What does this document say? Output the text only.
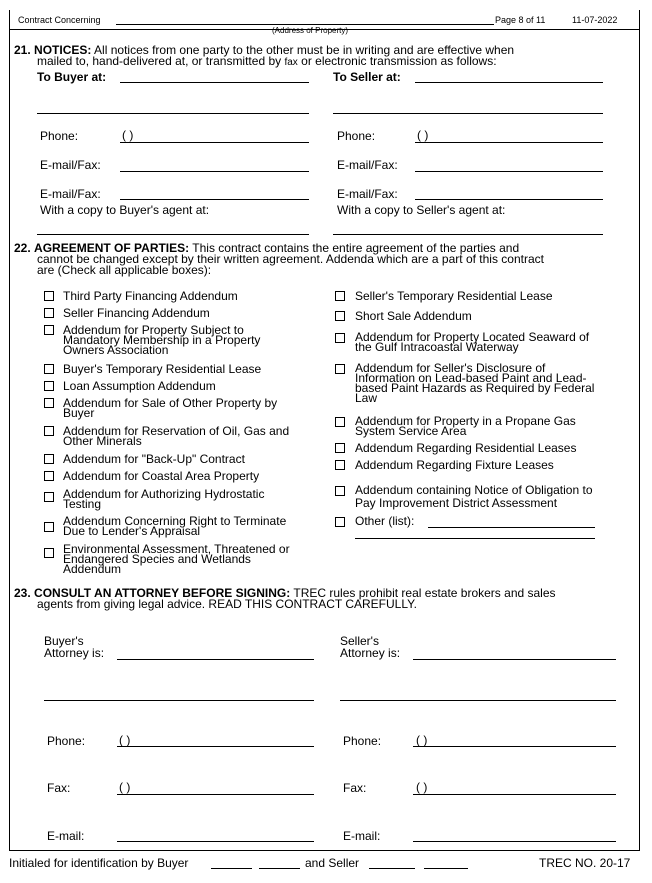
Contract Concerning	Page 8 of 11	11-07-2022
(Address of Property)
21. NOTICES: All notices from one party to the other must be in writing and are effective when
mailed to, hand-delivered at, or transmitted by fax or electronic transmission as follows:
To Buyer at:	To Seller at:
Phone:	( )	Phone:	( )
E-mail/Fax:	E-mail/Fax:
E-mail/Fax:	E-mail/Fax:
With a copy to Buyer's agent at:	With a copy to Seller's agent at:
22. AGREEMENT OF PARTIES: This contract contains the entire agreement of the parties and
cannot be changed except by their written agreement. Addenda which are a part of this contract
are (Check all applicable boxes):
Third Party Financing Addendum
Seller Financing Addendum
Addendum for Property Subject to Mandatory Membership in a Property Owners Association
Buyer's Temporary Residential Lease
Loan Assumption Addendum
Addendum for Sale of Other Property by Buyer
Addendum for Reservation of Oil, Gas and Other Minerals
Addendum for "Back-Up" Contract
Addendum for Coastal Area Property
Addendum for Authorizing Hydrostatic Testing
Addendum Concerning Right to Terminate Due to Lender's Appraisal
Environmental Assessment, Threatened or Endangered Species and Wetlands Addendum
Seller's Temporary Residential Lease
Short Sale Addendum
Addendum for Property Located Seaward of the Gulf Intracoastal Waterway
Addendum for Seller's Disclosure of Information on Lead-based Paint and Lead-based Paint Hazards as Required by Federal Law
Addendum for Property in a Propane Gas System Service Area
Addendum Regarding Residential Leases
Addendum Regarding Fixture Leases
Addendum containing Notice of Obligation to Pay Improvement District Assessment
Other (list):
23. CONSULT AN ATTORNEY BEFORE SIGNING: TREC rules prohibit real estate brokers and sales
agents from giving legal advice. READ THIS CONTRACT CAREFULLY.
Buyer's
Attorney is:
Seller's
Attorney is:
Phone:	( )	Phone:	( )
Fax:	( )	Fax:	( )
E-mail:	E-mail:
Initialed for identification by Buyer	and Seller	TREC NO. 20-17
